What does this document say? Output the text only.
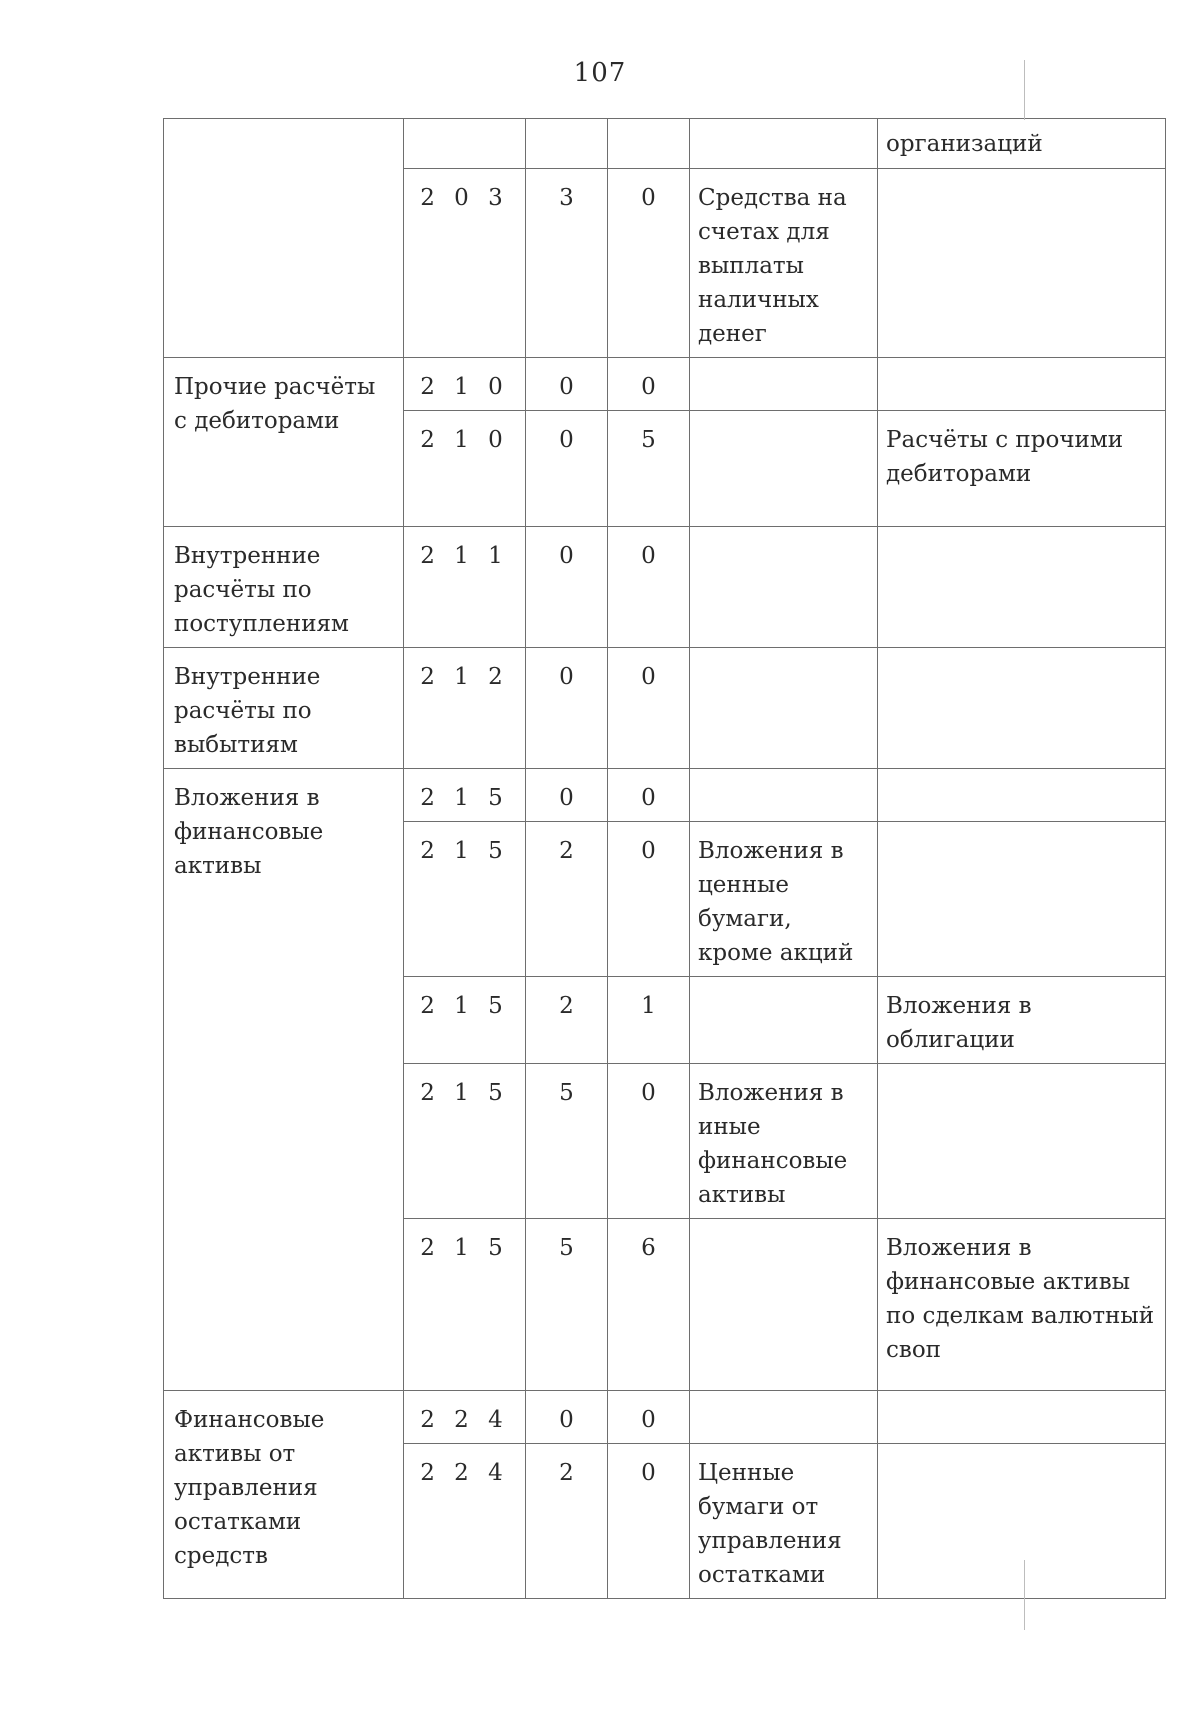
107
					организаций
	2 0 3	3	0	Средства на счетах для выплаты наличных денег	
Прочие расчёты с дебиторами	2 1 0	0	0		
	2 1 0	0	5		Расчёты с прочими дебиторами
Внутренние расчёты по поступлениям	2 1 1	0	0		
Внутренние расчёты по выбытиям	2 1 2	0	0		
Вложения в финансовые активы	2 1 5	0	0		
	2 1 5	2	0	Вложения в ценные бумаги, кроме акций	
	2 1 5	2	1		Вложения в облигации
	2 1 5	5	0	Вложения в иные финансовые активы	
	2 1 5	5	6		Вложения в финансовые активы по сделкам валютный своп
Финансовые активы от управления остатками средств	2 2 4	0	0		
	2 2 4	2	0	Ценные бумаги от управления остатками	
